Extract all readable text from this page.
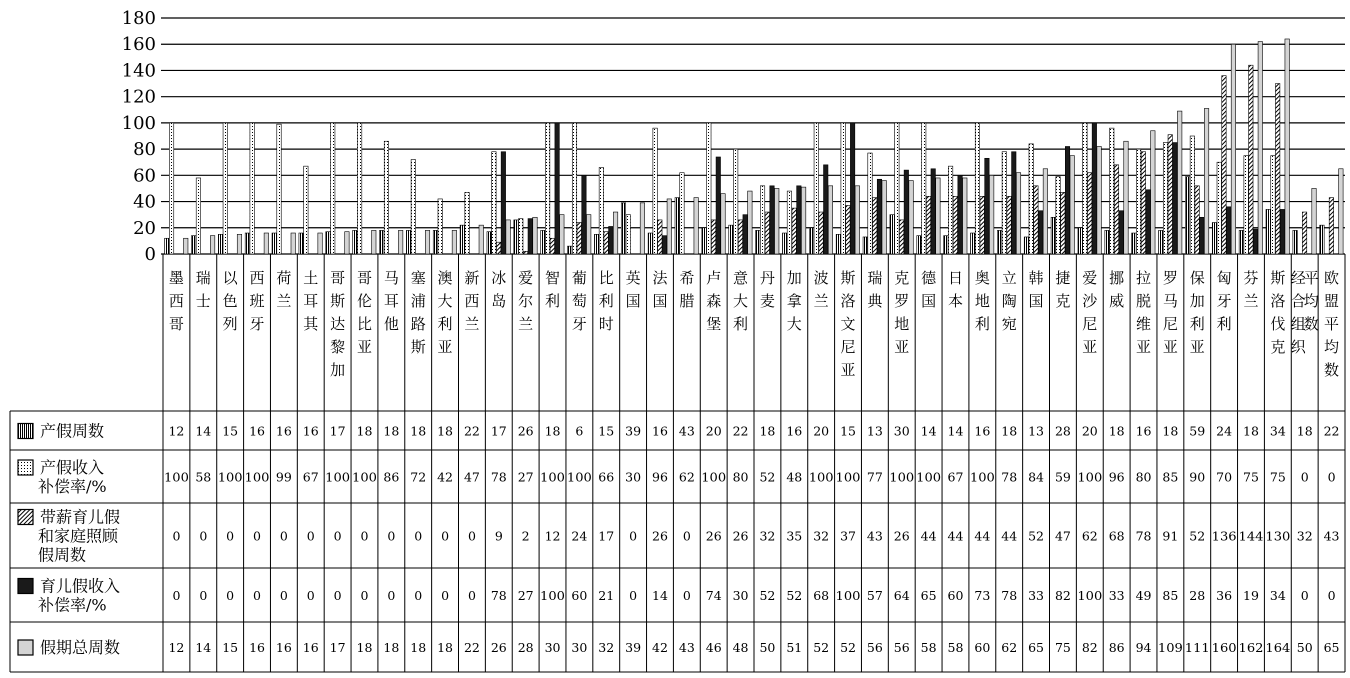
0
20
40
60
80
100
120
140
160
180
墨西哥
瑞士
以色列
西班牙
荷兰
土耳其
哥斯达黎加
哥伦比亚
马耳他
塞浦路斯
澳大利亚
新西兰
冰岛
爱尔兰
智利
葡萄牙
比利时
英国
法国
希腊
卢森堡
意大利
丹麦
加拿大
波兰
斯洛文尼亚
瑞典
克罗地亚
德国
日本
奥地利
立陶宛
韩国
捷克
爱沙尼亚
挪威
拉脱维亚
罗马尼亚
保加利亚
匈牙利
芬兰
斯洛伐克
经合组织平均数
欧盟平均数
产假周数
产假收入
补偿率/%
带薪育儿假
和家庭照顾
假周数
育儿假收入
补偿率/%
假期总周数
12 14 15 16 16 16 17 18 18 18 18 22 17 26 18 6 15 39 16 43 20 22 18 16 20 15 13 30 14 14 16 18 13 28 20 18 16 18 59 24 18 34 18 22
100 58 100 100 99 67 100 100 86 72 42 47 78 27 100 100 66 30 96 62 100 80 52 48 100 100 77 100 100 67 100 78 84 59 100 96 80 85 90 70 75 75 0 0
0 0 0 0 0 0 0 0 0 0 0 0 9 2 12 24 17 0 26 0 26 26 32 35 32 37 43 26 44 44 44 44 52 47 62 68 78 91 52 136 144 130 32 43
0 0 0 0 0 0 0 0 0 0 0 0 78 27 100 60 21 0 14 0 74 30 52 52 68 100 57 64 65 60 73 78 33 82 100 33 49 85 28 36 19 34 0 0
12 14 15 16 16 16 17 18 18 18 18 22 26 28 30 30 32 39 42 43 46 48 50 51 52 52 56 56 58 58 60 62 65 75 82 86 94 109 111 160 162 164 50 65
